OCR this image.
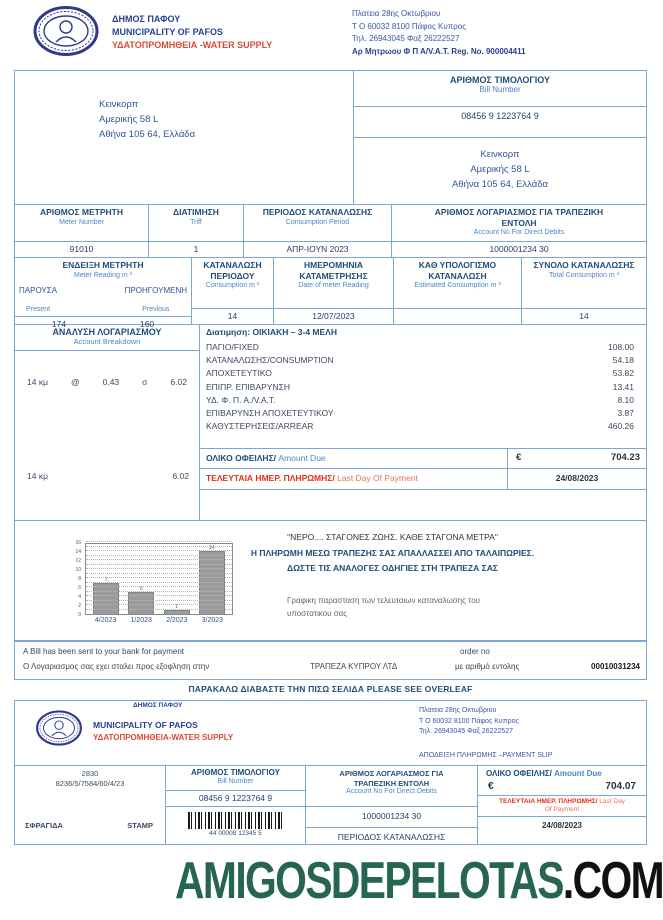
ΔΗΜΟΣ ΠΑΦΟΥ
MUNICIPALITY OF PAFOS
ΥΔΑΤΟΠΡΟΜΗΘΕΙΑ -WATER SUPPLY
Πλατεια 28ης Οκτωβριου
Τ Ο 60032 8100 Πάφος Κυπρος
Τηλ. 26943045 Φαξ 26222527
Αρ Μητρωου Φ Π Α/V.A.T. Reg. No. 900004411
Κεινκορπ
Αμερικής 58 L
Αθήνα 105 64, Ελλάδα
ΑΡΙΘΜΟΣ ΤΙΜΟΛΟΓΙΟΥ
Bill Number
08456 9 1223764 9
Κεινκορπ
Αμερικής 58 L
Αθήνα 105 64, Ελλάδα
ΑΡΙΘΜΟΣ ΜΕΤΡΗΤΗ
Meter Number
91010
ΔΙΑΤΙΜΗΣΗ
Triff
1
ΠΕΡΙΟΔΟΣ ΚΑΤΑΝΑΛΩΣΗΣ
Consumption Period
ΑΠΡ-ΙΟΥΝ 2023
ΑΡΙΘΜΟΣ ΛΟΓΑΡΙΑΣΜΟΣ ΓΙΑ ΤΡΑΠΕΖΙΚΗ ΕΝΤΟΛΗ
Account No For Direct Debits
1000001234 30
ΕΝΔΕΙΞΗ ΜΕΤΡΗΤΗ
Meter Reading m ³
ΠΑΡΟΥΣΑ
Present
ΠΡΟΗΓΟΥΜΕΝΗ
Previous
174	160
ΚΑΤΑΝΑΛΩΣΗ ΠΕΡΙΟΔΟΥ
Consumption m ³
14
ΗΜΕΡΟΜΗΝΙΑ ΚΑΤΑΜΕΤΡΗΣΗΣ
Date of meter Reading
12/07/2023
ΚΑΘ ΥΠΟΛΟΓΙΣΜΟ ΚΑΤΑΝΑΛΩΣΗ
Estimated Consumption m ³
ΣΥΝΟΛΟ ΚΑΤΑΝΑΛΩΣΗΣ
Total Consumption m ³
14
ΑΝΑΛΥΣΗ ΛΟΓΑΡΙΑΣΜΟΥ
Account Breakdown
14 κμ	@	0.43	σ	6.02
14 κμ	6.02
Διατιμηση: ΟΙΚΙΑΚΗ – 3-4 ΜΕΛΗ
ΠΑΓΙΟ/FIXED	108.00
ΚΑΤΑΝΑΛΩΣΗΣ/CONSUMPTION	54.18
ΑΠΟΧΕΤΕΥΤΙΚΟ	53.82
ΕΠΙΠΡ. ΕΠΙΒΑΡΥΝΣΗ	13.41
ΥΔ. Φ. Π. Α./V.A.T.	8.10
ΕΠΙΒΑΡΥΝΣΗ ΑΠΟΧΕΤΕΥΤΙΚΟΥ	3.87
ΚΑΘΥΣΤΕΡΗΣΕΙΣ/ARREAR	460.26
ΟΛΙΚΟ ΟΦΕΙΛΗΣ/ Amount Due	€	704.23
ΤΕΛΕΥΤΑΙΑ ΗΜΕΡ. ΠΛΗΡΩΜΗΣ/ Last Day Of Payment	24/08/2023
7
5
1
14
0
2
4
6
8
10
12
14
16
4/2023	1/2023	2/2023	3/2023
"ΝΕΡΟ.... ΣΤΑΓΟΝΕΣ ΖΩΗΣ. ΚΑΘΕ ΣΤΑΓΟΝΑ ΜΕΤΡΑ"
Η ΠΛΗΡΩΜΗ ΜΕΣΩ ΤΡΑΠΕΖΗΣ ΣΑΣ ΑΠΑΛΛΑΣΣΕΙ ΑΠΟ ΤΑΛΑΙΠΩΡΙΕΣ.
ΔΩΣΤΕ ΤΙΣ ΑΝΑΛΟΓΕΣ ΟΔΗΓΙΕΣ ΣΤΗ ΤΡΑΠΕΖΑ ΣΑΣ
Γραφικη παρασταση των τελευταιων καταναλωσης του
υποστατικου σας
A Bill has been sent to your bank for payment	order no
Ο Λογαριασμος σας εχει σταλει προς εξοφληση στην	ΤΡΑΠΕΖΑ ΚΥΠΡΟΥ ΛΤΔ	με αριθμό εντολης	00010031234
ΠΑΡΑΚΑΛΩ ΔΙΑΒΑΣΤΕ ΤΗΝ ΠΙΣΩ ΣΕΛΙΔΑ PLEASE SEE OVERLEAF
ΔΗΜΟΣ ΠΑΦΟΥ
MUNICIPALITY OF PAFOS
ΥΔΑΤΟΠΡΟΜΗΘΕΙΑ-WATER SUPPLY
Πλατεια 28ης Οκτωβριου
Τ Ο 60032 8100 Πάφος Κυπρος
Τηλ. 26943045 Φαξ 26222527
ΑΠΟΔΕΙΞΗ ΠΛΗΡΩΜΗΣ –PAYMENT SLIP
2830
8236/5/7584/60/4/23
ΣΦΡΑΓΙΔΑ	STAMP
ΑΡΙΘΜΟΣ ΤΙΜΟΛΟΓΙΟΥ
Bill Number
08456 9 1223764 9
44 00008 12345 5
ΑΡΙΘΜΟΣ ΛΟΓΑΡΙΑΣΜΟΣ ΓΙΑ ΤΡΑΠΕΖΙΚΗ ΕΝΤΟΛΗ
Account No For Direct Debits
1000001234 30
ΠΕΡΙΟΔΟΣ ΚΑΤΑΝΑΛΩΣΗΣ
ΟΛΙΚΟ ΟΦΕΙΛΗΣ/ Amount Due
€	704.07
ΤΕΛΕΥΤΑΙΑ ΗΜΕΡ. ΠΛΗΡΩΜΗΣ/ Last Day
Of Payment
24/08/2023
AMIGOSDEPELOTAS.COM
